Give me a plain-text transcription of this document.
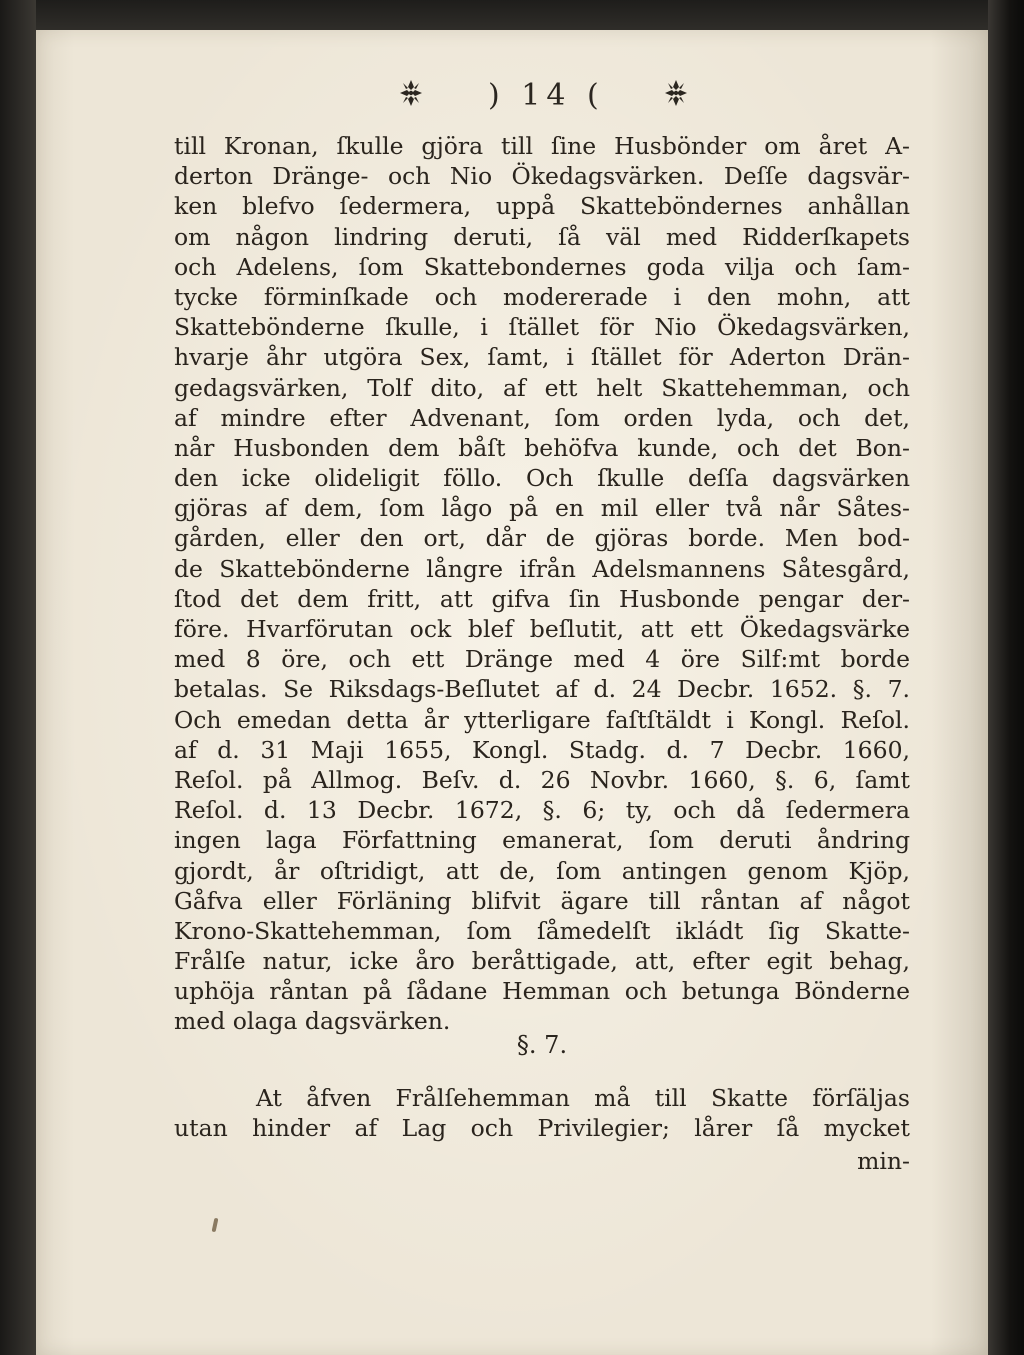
) 14 (
till Kronan, ſkulle gjöra till ſine Husbönder om året A-
derton Dränge- och Nio Ökedagsvärken. Deſſe dagsvär-
ken blefvo ſedermera, uppå Skatteböndernes anhållan
om någon lindring deruti, ſå väl med Ridderſkapets
och Adelens, ſom Skattebondernes goda vilja och ſam-
tycke förminſkade och modererade i den mohn, att
Skattebönderne ſkulle, i ſtället för Nio Ökedagsvärken,
hvarje åhr utgöra Sex, ſamt, i ſtället för Aderton Drän-
gedagsvärken, Tolf dito, af ett helt Skattehemman, och
af mindre efter Advenant, ſom orden lyda, och det,
når Husbonden dem båſt behöfva kunde, och det Bon-
den icke olideligit föllo. Och ſkulle deſſa dagsvärken
gjöras af dem, ſom lågo på en mil eller två når Såtes-
gården, eller den ort, dår de gjöras borde. Men bod-
de Skattebönderne långre ifrån Adelsmannens Såtesgård,
ſtod det dem fritt, att gifva ſin Husbonde pengar der-
före. Hvarförutan ock blef beſlutit, att ett Ökedagsvärke
med 8 öre, och ett Dränge med 4 öre Silf:mt borde
betalas. Se Riksdags-Beſlutet af d. 24 Decbr. 1652. §. 7.
Och emedan detta år ytterligare faſtſtäldt i Kongl. Reſol.
af d. 31 Maji 1655, Kongl. Stadg. d. 7 Decbr. 1660,
Reſol. på Allmog. Beſv. d. 26 Novbr. 1660, §. 6, ſamt
Reſol. d. 13 Decbr. 1672, §. 6; ty, och då ſedermera
ingen laga Författning emanerat, ſom deruti åndring
gjordt, år oſtridigt, att de, ſom antingen genom Kjöp,
Gåfva eller Förläning blifvit ägare till råntan af något
Krono-Skattehemman, ſom ſåmedelſt ikládt ſig Skatte-
Frålſe natur, icke åro beråttigade, att, efter egit behag,
uphöja råntan på ſådane Hemman och betunga Bönderne
med olaga dagsvärken.
§. 7.
At åfven Frålſehemman må till Skatte förſäljas
utan hinder af Lag och Privilegier; lårer ſå mycket
min-
